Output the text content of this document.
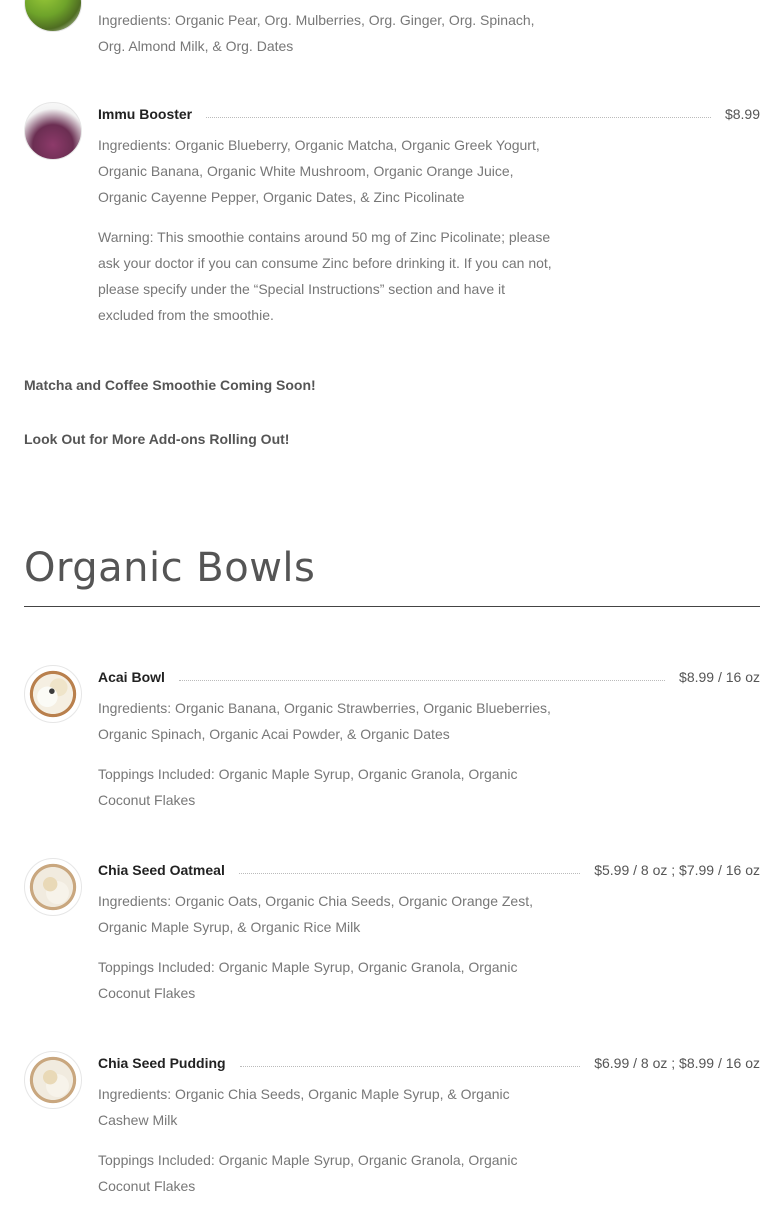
Ingredients: Organic Pear, Org. Mulberries, Org. Ginger, Org. Spinach, Org. Almond Milk, & Org. Dates

Immu Booster	$8.99

Ingredients: Organic Blueberry, Organic Matcha, Organic Greek Yogurt, Organic Banana, Organic White Mushroom, Organic Orange Juice, Organic Cayenne Pepper, Organic Dates, & Zinc Picolinate

Warning: This smoothie contains around 50 mg of Zinc Picolinate; please ask your doctor if you can consume Zinc before drinking it. If you can not, please specify under the “Special Instructions” section and have it excluded from the smoothie.

Matcha and Coffee Smoothie Coming Soon!
Look Out for More Add-ons Rolling Out!
Organic Bowls
Acai Bowl	$8.99 / 16 oz

Ingredients: Organic Banana, Organic Strawberries, Organic Blueberries, Organic Spinach, Organic Acai Powder, & Organic Dates

Toppings Included: Organic Maple Syrup, Organic Granola, Organic Coconut Flakes

Chia Seed Oatmeal	$5.99 / 8 oz ; $7.99 / 16 oz

Ingredients: Organic Oats, Organic Chia Seeds, Organic Orange Zest, Organic Maple Syrup, & Organic Rice Milk

Toppings Included: Organic Maple Syrup, Organic Granola, Organic Coconut Flakes

Chia Seed Pudding	$6.99 / 8 oz ; $8.99 / 16 oz

Ingredients: Organic Chia Seeds, Organic Maple Syrup, & Organic Cashew Milk

Toppings Included: Organic Maple Syrup, Organic Granola, Organic Coconut Flakes
